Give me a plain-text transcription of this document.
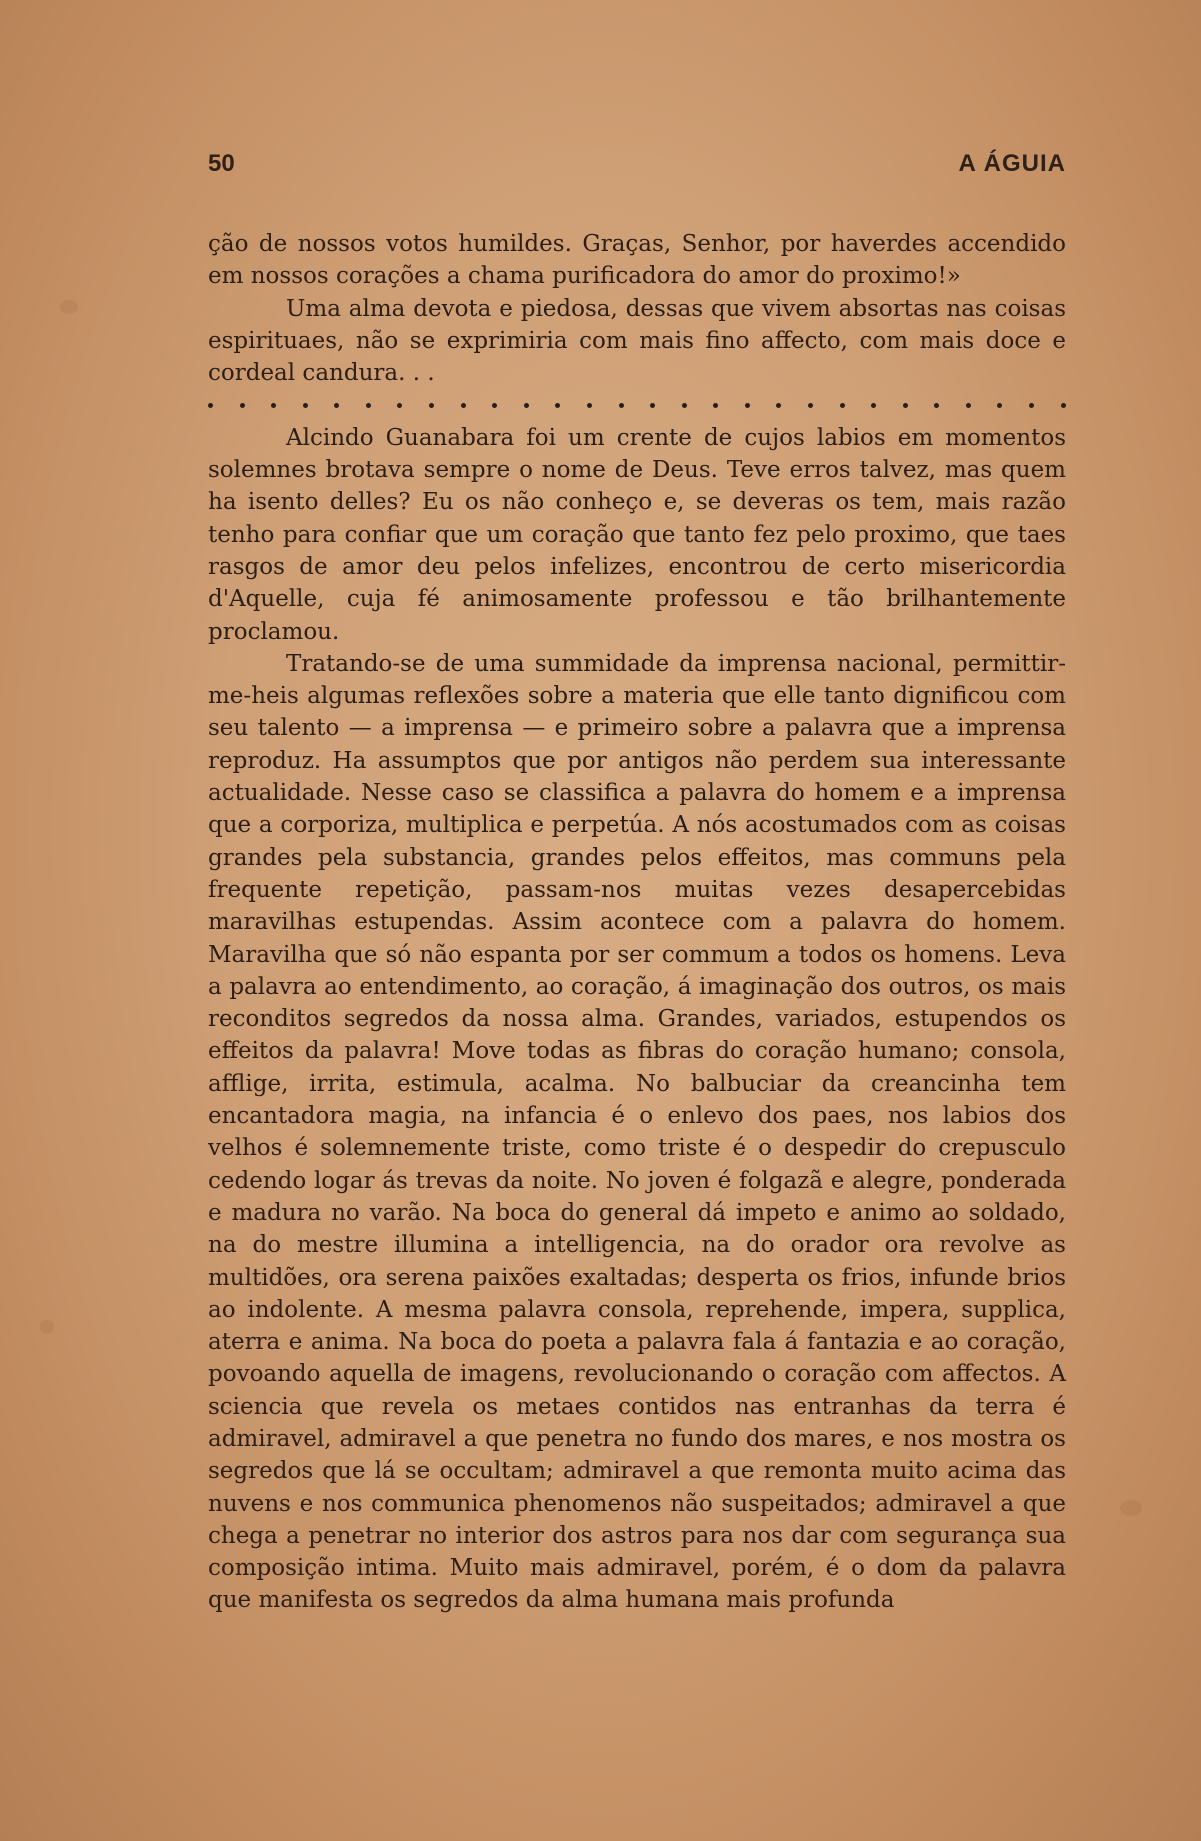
50	A ÁGUIA

ção de nossos votos humildes. Graças, Senhor, por haverdes accendido em nossos corações a chama purificadora do amor do proximo!»

Uma alma devota e piedosa, dessas que vivem absortas nas coisas espirituaes, não se exprimiria com mais fino affecto, com mais doce e cordeal candura. . .

Alcindo Guanabara foi um crente de cujos labios em momentos solemnes brotava sempre o nome de Deus. Teve erros talvez, mas quem ha isento delles? Eu os não conheço e, se deveras os tem, mais razão tenho para confiar que um coração que tanto fez pelo proximo, que taes rasgos de amor deu pelos infelizes, encontrou de certo misericordia d'Aquelle, cuja fé animosamente professou e tão brilhantemente proclamou.

Tratando-se de uma summidade da imprensa nacional, permittir-me-heis algumas reflexões sobre a materia que elle tanto dignificou com seu talento — a imprensa — e primeiro sobre a palavra que a imprensa reproduz. Ha assumptos que por antigos não perdem sua interessante actualidade. Nesse caso se classifica a palavra do homem e a imprensa que a corporiza, multiplica e perpetúa. A nós acostumados com as coisas grandes pela substancia, grandes pelos effeitos, mas communs pela frequente repetição, passam-nos muitas vezes desapercebidas maravilhas estupendas. Assim acontece com a palavra do homem. Maravilha que só não espanta por ser commum a todos os homens. Leva a palavra ao entendimento, ao coração, á imaginação dos outros, os mais reconditos segredos da nossa alma. Grandes, variados, estupendos os effeitos da palavra! Move todas as fibras do coração humano; consola, afflige, irrita, estimula, acalma. No balbuciar da creancinha tem encantadora magia, na infancia é o enlevo dos paes, nos labios dos velhos é solemnemente triste, como triste é o despedir do crepusculo cedendo logar ás trevas da noite. No joven é folgazã e alegre, ponderada e madura no varão. Na boca do general dá impeto e animo ao soldado, na do mestre illumina a intelligencia, na do orador ora revolve as multidões, ora serena paixões exaltadas; desperta os frios, infunde brios ao indolente. A mesma palavra consola, reprehende, impera, supplica, aterra e anima. Na boca do poeta a palavra fala á fantazia e ao coração, povoando aquella de imagens, revolucionando o coração com affectos. A sciencia que revela os metaes contidos nas entranhas da terra é admiravel, admiravel a que penetra no fundo dos mares, e nos mostra os segredos que lá se occultam; admiravel a que remonta muito acima das nuvens e nos communica phenomenos não suspeitados; admiravel a que chega a penetrar no interior dos astros para nos dar com segurança sua composição intima. Muito mais admiravel, porém, é o dom da palavra que manifesta os segredos da alma humana mais profunda
